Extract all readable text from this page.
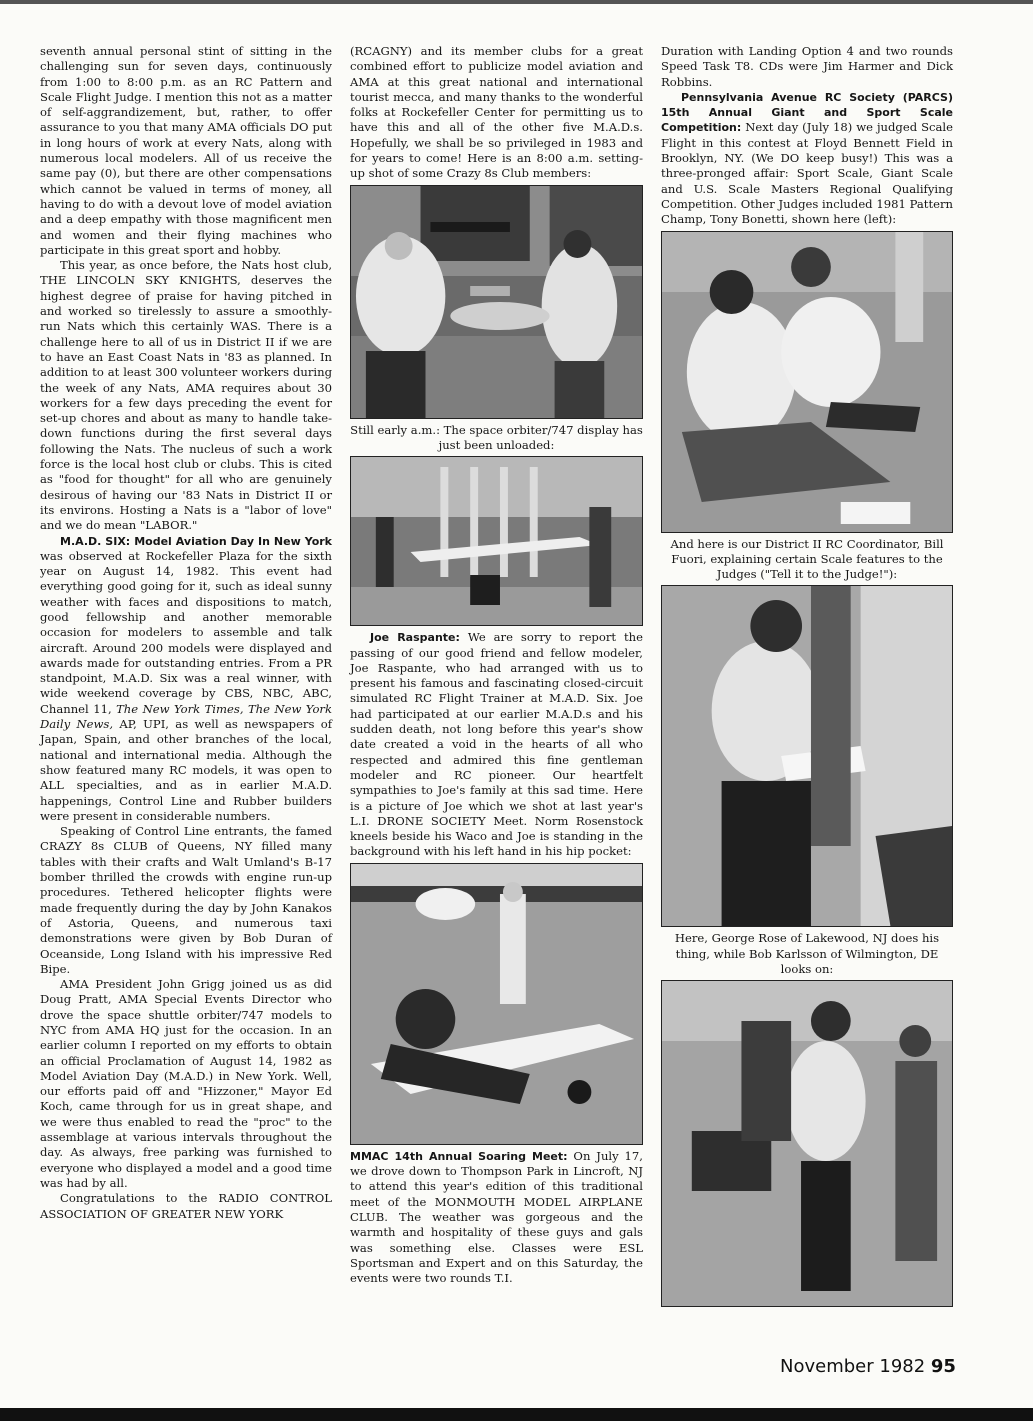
seventh annual personal stint of sitting in the challenging sun for seven days, continuously from 1:00 to 8:00 p.m. as an RC Pattern and Scale Flight Judge. I mention this not as a matter of self-aggrandizement, but, rather, to offer assurance to you that many AMA officials DO put in long hours of work at every Nats, along with numerous local modelers. All of us receive the same pay (0), but there are other compensations which cannot be valued in terms of money, all having to do with a devout love of model aviation and a deep empathy with those magnificent men and women and their flying machines who participate in this great sport and hobby.

This year, as once before, the Nats host club, THE LINCOLN SKY KNIGHTS, deserves the highest degree of praise for having pitched in and worked so tirelessly to assure a smoothly-run Nats which this certainly WAS. There is a challenge here to all of us in District II if we are to have an East Coast Nats in '83 as planned. In addition to at least 300 volunteer workers during the week of any Nats, AMA requires about 30 workers for a few days preceding the event for set-up chores and about as many to handle take-down functions during the first several days following the Nats. The nucleus of such a work force is the local host club or clubs. This is cited as "food for thought" for all who are genuinely desirous of having our '83 Nats in District II or its environs. Hosting a Nats is a "labor of love" and we do mean "LABOR."

M.A.D. SIX: Model Aviation Day In New York was observed at Rockefeller Plaza for the sixth year on August 14, 1982. This event had everything good going for it, such as ideal sunny weather with faces and dispositions to match, good fellowship and another memorable occasion for modelers to assemble and talk aircraft. Around 200 models were displayed and awards made for outstanding entries. From a PR standpoint, M.A.D. Six was a real winner, with wide weekend coverage by CBS, NBC, ABC, Channel 11, The New York Times, The New York Daily News, AP, UPI, as well as newspapers of Japan, Spain, and other branches of the local, national and international media. Although the show featured many RC models, it was open to ALL specialties, and as in earlier M.A.D. happenings, Control Line and Rubber builders were present in considerable numbers.

Speaking of Control Line entrants, the famed CRAZY 8s CLUB of Queens, NY filled many tables with their crafts and Walt Umland's B-17 bomber thrilled the crowds with engine run-up procedures. Tethered helicopter flights were made frequently during the day by John Kanakos of Astoria, Queens, and numerous taxi demonstrations were given by Bob Duran of Oceanside, Long Island with his impressive Red Bipe.

AMA President John Grigg joined us as did Doug Pratt, AMA Special Events Director who drove the space shuttle orbiter/747 models to NYC from AMA HQ just for the occasion. In an earlier column I reported on my efforts to obtain an official Proclamation of August 14, 1982 as Model Aviation Day (M.A.D.) in New York. Well, our efforts paid off and "Hizzoner," Mayor Ed Koch, came through for us in great shape, and we were thus enabled to read the "proc" to the assemblage at various intervals throughout the day. As always, free parking was furnished to everyone who displayed a model and a good time was had by all.

Congratulations to the RADIO CONTROL ASSOCIATION OF GREATER NEW YORK

(RCAGNY) and its member clubs for a great combined effort to publicize model aviation and AMA at this great national and international tourist mecca, and many thanks to the wonderful folks at Rockefeller Center for permitting us to have this and all of the other five M.A.D.s. Hopefully, we shall be so privileged in 1983 and for years to come! Here is an 8:00 a.m. setting-up shot of some Crazy 8s Club members:

Still early a.m.: The space orbiter/747 display has just been unloaded:

Joe Raspante: We are sorry to report the passing of our good friend and fellow modeler, Joe Raspante, who had arranged with us to present his famous and fascinating closed-circuit simulated RC Flight Trainer at M.A.D. Six. Joe had participated at our earlier M.A.D.s and his sudden death, not long before this year's show date created a void in the hearts of all who respected and admired this fine gentleman modeler and RC pioneer. Our heartfelt sympathies to Joe's family at this sad time. Here is a picture of Joe which we shot at last year's L.I. DRONE SOCIETY Meet. Norm Rosenstock kneels beside his Waco and Joe is standing in the background with his left hand in his hip pocket:

MMAC 14th Annual Soaring Meet: On July 17, we drove down to Thompson Park in Lincroft, NJ to attend this year's edition of this traditional meet of the MONMOUTH MODEL AIRPLANE CLUB. The weather was gorgeous and the warmth and hospitality of these guys and gals was something else. Classes were ESL Sportsman and Expert and on this Saturday, the events were two rounds T.I.

Duration with Landing Option 4 and two rounds Speed Task T8. CDs were Jim Harmer and Dick Robbins.

Pennsylvania Avenue RC Society (PARCS) 15th Annual Giant and Sport Scale Competition: Next day (July 18) we judged Scale Flight in this contest at Floyd Bennett Field in Brooklyn, NY. (We DO keep busy!) This was a three-pronged affair: Sport Scale, Giant Scale and U.S. Scale Masters Regional Qualifying Competition. Other Judges included 1981 Pattern Champ, Tony Bonetti, shown here (left):

And here is our District II RC Coordinator, Bill Fuori, explaining certain Scale features to the Judges ("Tell it to the Judge!"):

Here, George Rose of Lakewood, NJ does his thing, while Bob Karlsson of Wilmington, DE looks on:

November 1982 95
